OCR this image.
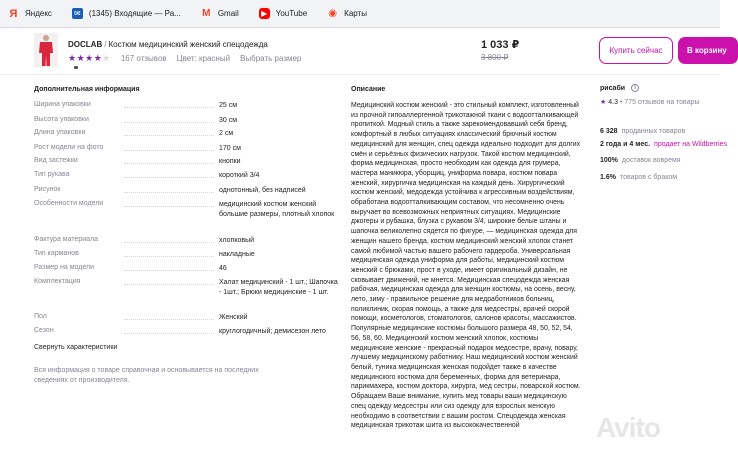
Я Яндекс	✉ (1345) Входящие — Ра... M Gmail	▶	YouTube ◉ Карты
DOCLAB / Костюм медицинский женский спецодежда
★★★★★ 167 отзывов Цвет: красный Выбрать размер
1 033 ₽
3 800 ₽
Купить сейчас	В корзину
Дополнительная информация
Ширина упаковки	25 см
Высота упаковки	30 см
Длина упаковки	2 см
Рост модели на фото	170 см
Вид застежки	кнопки
Тип рукава	короткий 3/4
Рисунок	однотонный, без надписей
Особенности модели	медицинский костюм женский большие размеры, плотный хлопок
Фактура материала	хлопковый
Тип карманов	накладные
Размер на модели	46
Комплектация	Халат медицинский - 1 шт.; Шапочка - 1шт.; Брюки медицинские - 1 шт.
Пол	Женский
Сезон	круглогодичный; демисезон лето
Свернуть характеристики
Вся информация о товаре справочная и основывается на последних сведениях от производителя.
Описание
Медицинский костюм женский - это стильный комплект, изготовленный из прочной гипоаллергенной трикотажной ткани с водоотталкивающей пропиткой. Модный стиль а также зарекомендовавший себя бренд, комфортный в любых ситуациях классический брючный костюм медицинский для женщин, спец одежда идеально подходит для долгих смён и серьёзных физических нагрузок. Такой костюм медицинский, форма медицинская, просто необходим как одежда для грумера, мастера маникюра, уборщиц, униформа повара, костюм повара женский, хирургичка медицинская на каждый день. Хирургический костюм женский, медодежда устойчива к агрессивным воздействиям, обработана водоотталкивающим составом, что несомненно очень выручает во всевозможных неприятных ситуациях. Медицинские джогеры и рубашка, блузка с рукавом 3/4, широкие белые штаны и шапочка великолепно сядется по фигуре, — медицинская одежда для женщин нашего бренда, костюм медицинский женский хлопок станет самой любимой частью вашего рабочего гардероба. Универсальная медицинская одежда униформа для работы, медицинский костюм женский с брюками, прост в уходе, имеет оригинальный дизайн, не сковывает движений, не мнется. Медицинская спецодежда женская рабочая, медицинская одежда для женщин костюмы, на осень, весну, лето, зиму - правильное решение для медработников больниц, поликлиник, скорая помощь, а также для медсестры, врачей скорой помощи, косметологов, стоматологов, салонов красоты, массажистов. Популярные медицинские костюмы большого размера 48, 50, 52, 54, 56, 58, 60. Медицинский костюм женский хлопок, костюмы медицинские женские - прекрасный подарок медсестре, врачу, повару, лучшему медицинскому работнику. Наш медицинский костюм женский белый, туника медицинская женская подойдет также в качестве медицинского костюма для беременных, форма для ветеринара, парикмахера, костюм доктора, хирурга, мед сестры, поварской костюм. Обращаем Ваше внимание, купить мед товары ваши медицинскую спец одежду медсестры или сиз одежду для взрослых женскую необходимо в соответствии с вашим ростом. Спецодежда женская медицинская трикотаж шита из высококачественной
рисаби i
★ 4.3 • 775 отзывов на товары
6 328 проданных товаров
2 года и 4 мес. продает на Wildberries
100% доставок вовремя
1.6% товаров с браком
Avito
